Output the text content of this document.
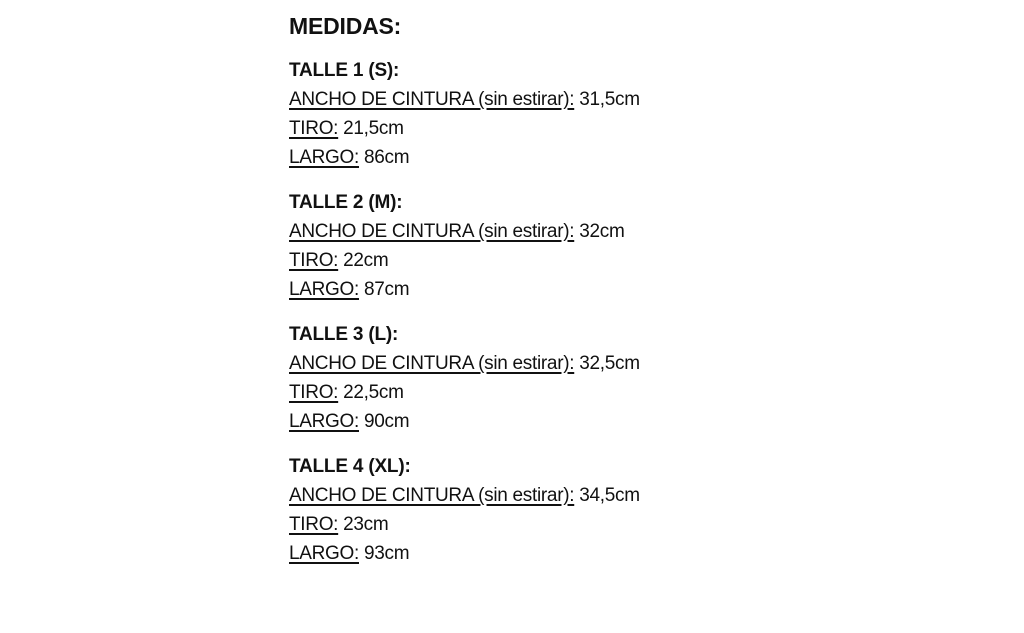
MEDIDAS:
TALLE 1 (S):
ANCHO DE CINTURA (sin estirar): 31,5cm
TIRO: 21,5cm
LARGO: 86cm
TALLE 2 (M):
ANCHO DE CINTURA (sin estirar): 32cm
TIRO: 22cm
LARGO: 87cm
TALLE 3 (L):
ANCHO DE CINTURA (sin estirar): 32,5cm
TIRO: 22,5cm
LARGO: 90cm
TALLE 4 (XL):
ANCHO DE CINTURA (sin estirar): 34,5cm
TIRO: 23cm
LARGO: 93cm
